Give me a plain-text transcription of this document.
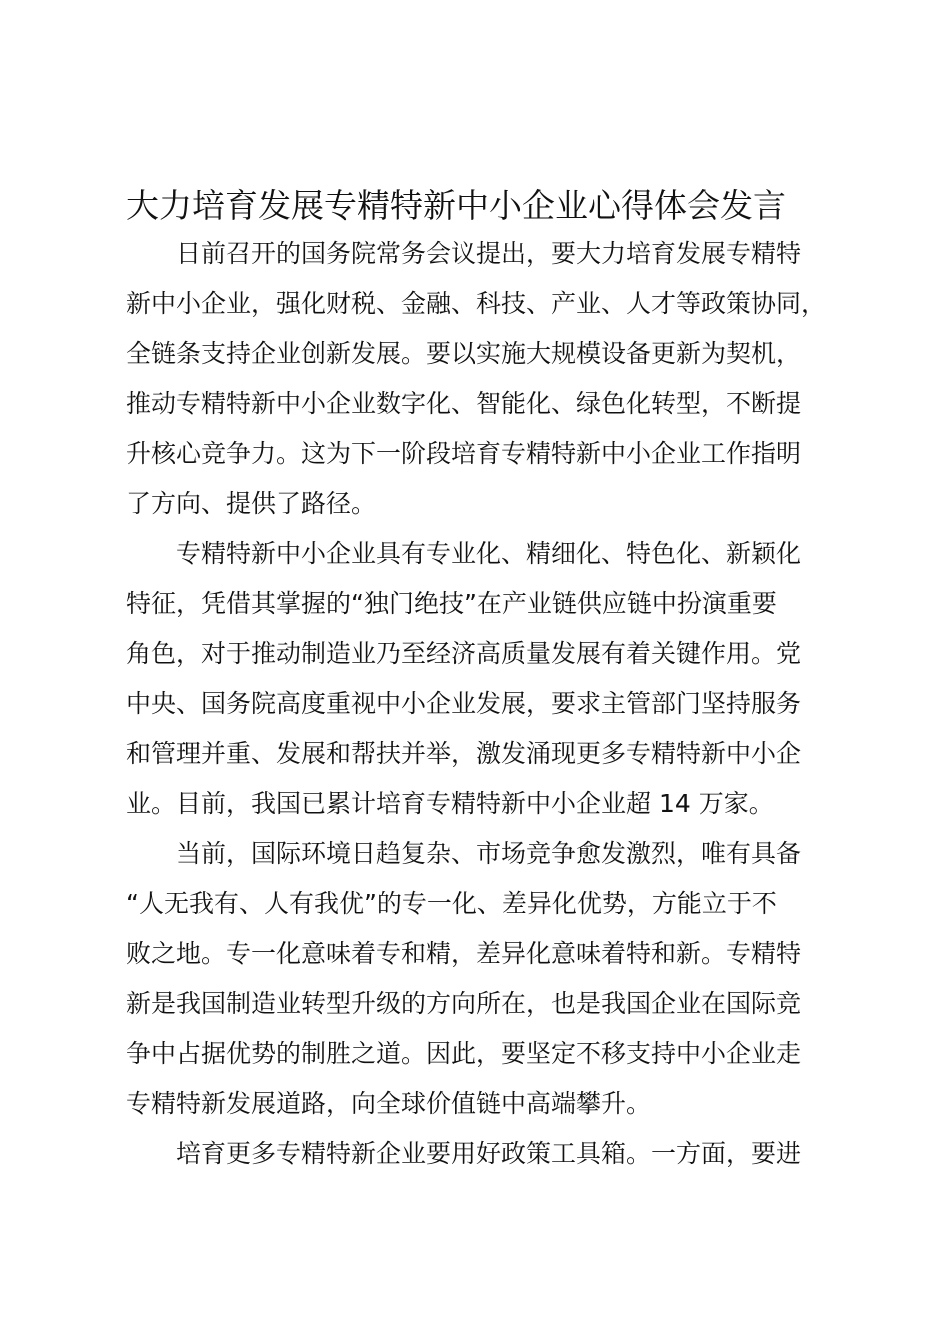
大力培育发展专精特新中小企业心得体会发言

日前召开的国务院常务会议提出，要大力培育发展专精特

新中小企业，强化财税、金融、科技、产业、人才等政策协同，

全链条支持企业创新发展。要以实施大规模设备更新为契机，

推动专精特新中小企业数字化、智能化、绿色化转型，不断提

升核心竞争力。这为下一阶段培育专精特新中小企业工作指明

了方向、提供了路径。

专精特新中小企业具有专业化、精细化、特色化、新颖化

特征，凭借其掌握的“独门绝技”在产业链供应链中扮演重要

角色，对于推动制造业乃至经济高质量发展有着关键作用。党

中央、国务院高度重视中小企业发展，要求主管部门坚持服务

和管理并重、发展和帮扶并举，激发涌现更多专精特新中小企

业。目前，我国已累计培育专精特新中小企业超 14 万家。

当前，国际环境日趋复杂、市场竞争愈发激烈，唯有具备

“人无我有、人有我优”的专一化、差异化优势，方能立于不

败之地。专一化意味着专和精，差异化意味着特和新。专精特

新是我国制造业转型升级的方向所在，也是我国企业在国际竞

争中占据优势的制胜之道。因此，要坚定不移支持中小企业走

专精特新发展道路，向全球价值链中高端攀升。

培育更多专精特新企业要用好政策工具箱。一方面，要进
